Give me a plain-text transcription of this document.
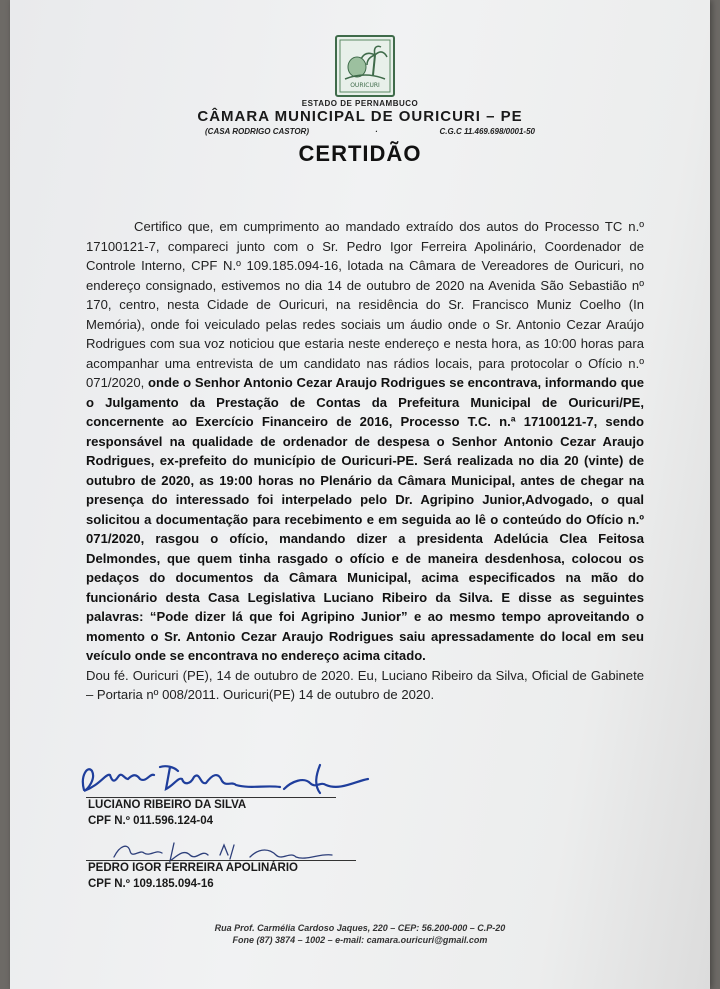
OURICURI
ESTADO DE PERNAMBUCO
CÂMARA MUNICIPAL DE OURICURI – PE
(CASA RODRIGO CASTOR)	·	C.G.C 11.469.698/0001-50
CERTIDÃO

Certifico que, em cumprimento ao mandado extraído dos autos do Processo TC n.º 17100121-7, compareci junto com o Sr. Pedro Igor Ferreira Apolinário, Coordenador de Controle Interno, CPF N.º 109.185.094-16, lotada na Câmara de Vereadores de Ouricuri, no endereço consignado, estivemos no dia 14 de outubro de 2020 na Avenida São Sebastião nº 170, centro, nesta Cidade de Ouricuri, na residência do Sr. Francisco Muniz Coelho (In Memória), onde foi veiculado pelas redes sociais um áudio onde o Sr. Antonio Cezar Araújo Rodrigues com sua voz noticiou que estaria neste endereço e nesta hora, as 10:00 horas para acompanhar uma entrevista de um candidato nas rádios locais, para protocolar o Ofício n.º 071/2020, onde o Senhor Antonio Cezar Araujo Rodrigues se encontrava, informando que o Julgamento da Prestação de Contas da Prefeitura Municipal de Ouricuri/PE, concernente ao Exercício Financeiro de 2016, Processo T.C. n.ª 17100121-7, sendo responsável na qualidade de ordenador de despesa o Senhor Antonio Cezar Araujo Rodrigues, ex-prefeito do município de Ouricuri-PE. Será realizada no dia 20 (vinte) de outubro de 2020, as 19:00 horas no Plenário da Câmara Municipal, antes de chegar na presença do interessado foi interpelado pelo Dr. Agripino Junior,Advogado, o qual solicitou a documentação para recebimento e em seguida ao lê o conteúdo do Ofício n.º 071/2020, rasgou o ofício, mandando dizer a presidenta Adelúcia Clea Feitosa Delmondes, que quem tinha rasgado o ofício e de maneira desdenhosa, colocou os pedaços do documentos da Câmara Municipal, acima especificados na mão do funcionário desta Casa Legislativa Luciano Ribeiro da Silva. E disse as seguintes palavras: “Pode dizer lá que foi Agripino Junior” e ao mesmo tempo aproveitando o momento o Sr. Antonio Cezar Araujo Rodrigues saiu apressadamente do local em seu veículo onde se encontrava no endereço acima citado.

Dou fé. Ouricuri (PE), 14 de outubro de 2020. Eu, Luciano Ribeiro da Silva, Oficial de Gabinete – Portaria nº 008/2011. Ouricuri(PE) 14 de outubro de 2020.

LUCIANO RIBEIRO DA SILVA
CPF N.º 011.596.124-04
PEDRO IGOR FERREIRA APOLINÁRIO
CPF N.º 109.185.094-16
Rua Prof. Carmélia Cardoso Jaques, 220 – CEP: 56.200-000 – C.P-20
Fone (87) 3874 – 1002 – e-mail: camara.ouricuri@gmail.com
